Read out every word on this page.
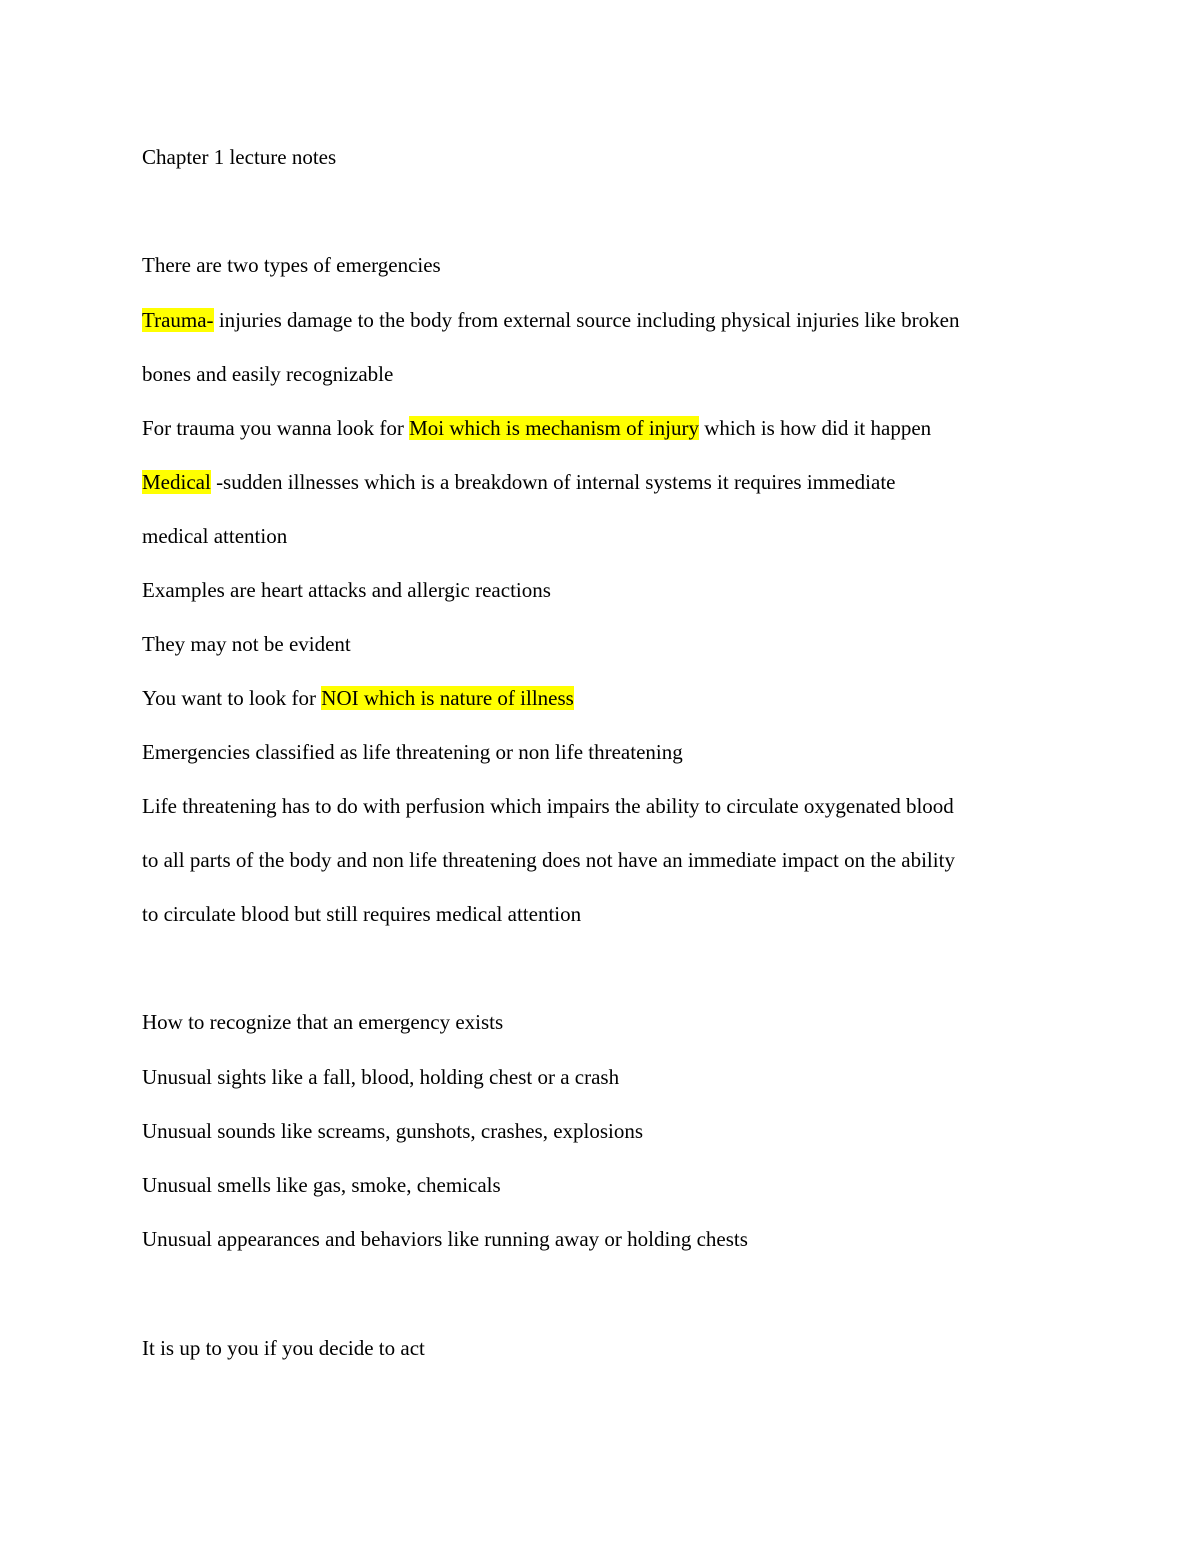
Chapter 1 lecture notes

There are two types of emergencies

Trauma- injuries damage to the body from external source including physical injuries like broken

bones and easily recognizable

For trauma you wanna look for Moi which is mechanism of injury which is how did it happen

Medical -sudden illnesses which is a breakdown of internal systems it requires immediate

medical attention

Examples are heart attacks and allergic reactions

They may not be evident

You want to look for NOI which is nature of illness

Emergencies classified as life threatening or non life threatening

Life threatening has to do with perfusion which impairs the ability to circulate oxygenated blood

to all parts of the body and non life threatening does not have an immediate impact on the ability

to circulate blood but still requires medical attention

How to recognize that an emergency exists

Unusual sights like a fall, blood, holding chest or a crash

Unusual sounds like screams, gunshots, crashes, explosions

Unusual smells like gas, smoke, chemicals

Unusual appearances and behaviors like running away or holding chests

It is up to you if you decide to act
